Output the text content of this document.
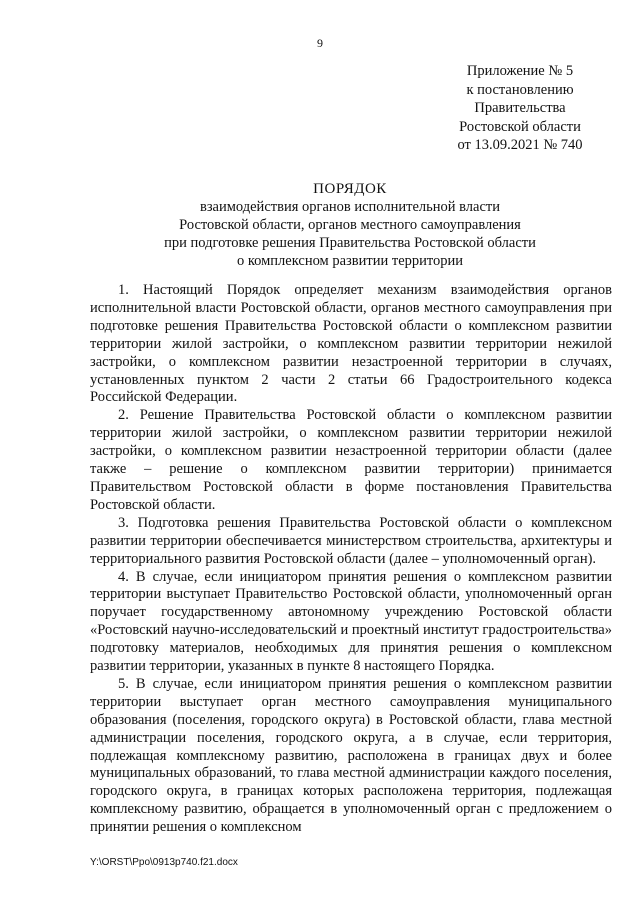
9
Приложение № 5
к постановлению
Правительства
Ростовской области
от 13.09.2021 № 740
ПОРЯДОК
взаимодействия органов исполнительной власти
Ростовской области, органов местного самоуправления
при подготовке решения Правительства Ростовской области
о комплексном развитии территории

1. Настоящий Порядок определяет механизм взаимодействия органов исполнительной власти Ростовской области, органов местного самоуправления при подготовке решения Правительства Ростовской области о комплексном развитии территории жилой застройки, о комплексном развитии территории нежилой застройки, о комплексном развитии незастроенной территории в случаях, установленных пунктом 2 части 2 статьи 66 Градостроительного кодекса Российской Федерации.

2. Решение Правительства Ростовской области о комплексном развитии территории жилой застройки, о комплексном развитии территории нежилой застройки, о комплексном развитии незастроенной территории области (далее также – решение о комплексном развитии территории) принимается Правительством Ростовской области в форме постановления Правительства Ростовской области.

3. Подготовка решения Правительства Ростовской области о комплексном развитии территории обеспечивается министерством строительства, архитектуры и территориального развития Ростовской области (далее – уполномоченный орган).

4. В случае, если инициатором принятия решения о комплексном развитии территории выступает Правительство Ростовской области, уполномоченный орган поручает государственному автономному учреждению Ростовской области «Ростовский научно-исследовательский и проектный институт градостроительства» подготовку материалов, необходимых для принятия решения о комплексном развитии территории, указанных в пункте 8 настоящего Порядка.

5. В случае, если инициатором принятия решения о комплексном развитии территории выступает орган местного самоуправления муниципального образования (поселения, городского округа) в Ростовской области, глава местной администрации поселения, городского округа, а в случае, если территория, подлежащая комплексному развитию, расположена в границах двух и более муниципальных образований, то глава местной администрации каждого поселения, городского округа, в границах которых расположена территория, подлежащая комплексному развитию, обращается в уполномоченный орган с предложением о принятии решения о комплексном

Y:\ORST\Ppo\0913p740.f21.docx
